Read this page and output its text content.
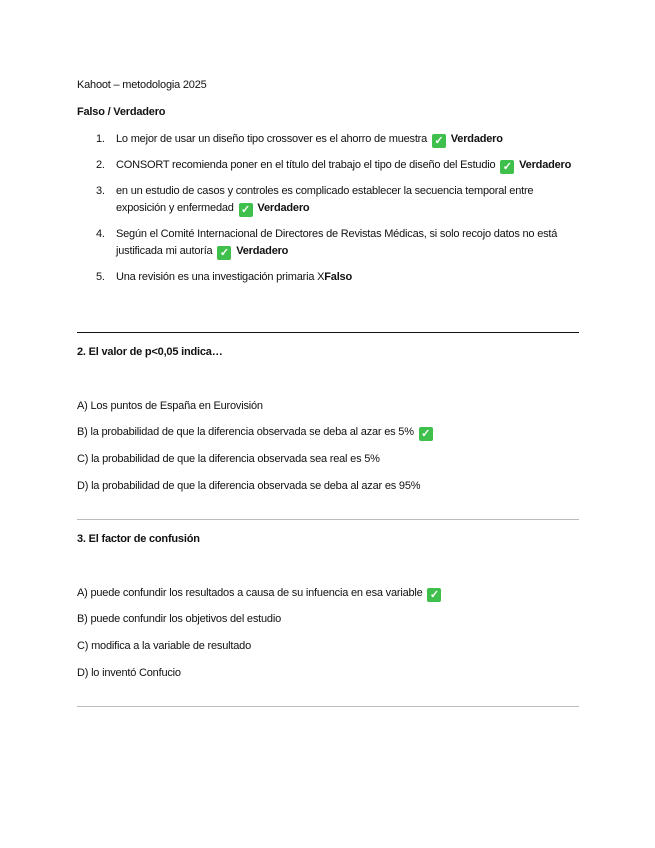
Kahoot – metodologia 2025
Falso / Verdadero
1. Lo mejor de usar un diseño tipo crossover es el ahorro de muestra ✓ Verdadero
2. CONSORT recomienda poner en el título del trabajo el tipo de diseño del Estudio ✓ Verdadero
3. en un estudio de casos y controles es complicado establecer la secuencia temporal entre exposición y enfermedad ✓ Verdadero
4. Según el Comité Internacional de Directores de Revistas Médicas, si solo recojo datos no está justificada mi autoría ✓ Verdadero
5. Una revisión es una investigación primaria XFalso
2. El valor de p<0,05 indica…
A) Los puntos de España en Eurovisión
B) la probabilidad de que la diferencia observada se deba al azar es 5% ✓
C) la probabilidad de que la diferencia observada sea real es 5%
D) la probabilidad de que la diferencia observada se deba al azar es 95%
3. El factor de confusión
A) puede confundir los resultados a causa de su infuencia en esa variable ✓
B) puede confundir los objetivos del estudio
C) modifica a la variable de resultado
D) lo inventó Confucio
